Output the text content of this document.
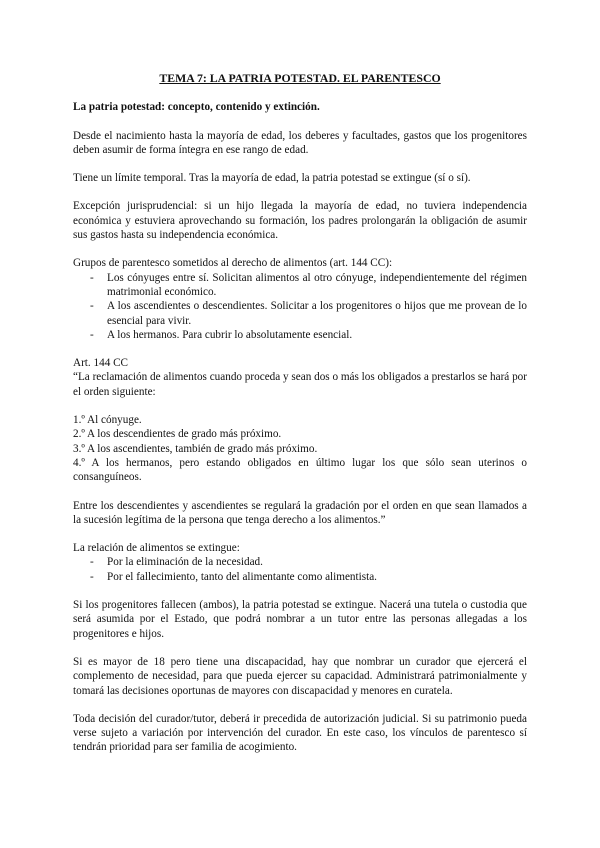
TEMA 7: LA PATRIA POTESTAD. EL PARENTESCO
La patria potestad: concepto, contenido y extinción.

Desde el nacimiento hasta la mayoría de edad, los deberes y facultades, gastos que los progenitores deben asumir de forma íntegra en ese rango de edad.

Tiene un límite temporal. Tras la mayoría de edad, la patria potestad se extingue (sí o sí).

Excepción jurisprudencial: si un hijo llegada la mayoría de edad, no tuviera independencia económica y estuviera aprovechando su formación, los padres prolongarán la obligación de asumir sus gastos hasta su independencia económica.

Grupos de parentesco sometidos al derecho de alimentos (art. 144 CC):

- Los cónyuges entre sí. Solicitan alimentos al otro cónyuge, independientemente del régimen matrimonial económico.
- A los ascendientes o descendientes. Solicitar a los progenitores o hijos que me provean de lo esencial para vivir.
- A los hermanos. Para cubrir lo absolutamente esencial.

Art. 144 CC

“La reclamación de alimentos cuando proceda y sean dos o más los obligados a prestarlos se hará por el orden siguiente:

1.º Al cónyuge.
2.º A los descendientes de grado más próximo.
3.º A los ascendientes, también de grado más próximo.
4.º A los hermanos, pero estando obligados en último lugar los que sólo sean uterinos o consanguíneos.

Entre los descendientes y ascendientes se regulará la gradación por el orden en que sean llamados a la sucesión legítima de la persona que tenga derecho a los alimentos.”

La relación de alimentos se extingue:

- Por la eliminación de la necesidad.
- Por el fallecimiento, tanto del alimentante como alimentista.

Si los progenitores fallecen (ambos), la patria potestad se extingue. Nacerá una tutela o custodia que será asumida por el Estado, que podrá nombrar a un tutor entre las personas allegadas a los progenitores e hijos.

Si es mayor de 18 pero tiene una discapacidad, hay que nombrar un curador que ejercerá el complemento de necesidad, para que pueda ejercer su capacidad. Administrará patrimonialmente y tomará las decisiones oportunas de mayores con discapacidad y menores en curatela.

Toda decisión del curador/tutor, deberá ir precedida de autorización judicial. Si su patrimonio pueda verse sujeto a variación por intervención del curador. En este caso, los vínculos de parentesco sí tendrán prioridad para ser familia de acogimiento.
